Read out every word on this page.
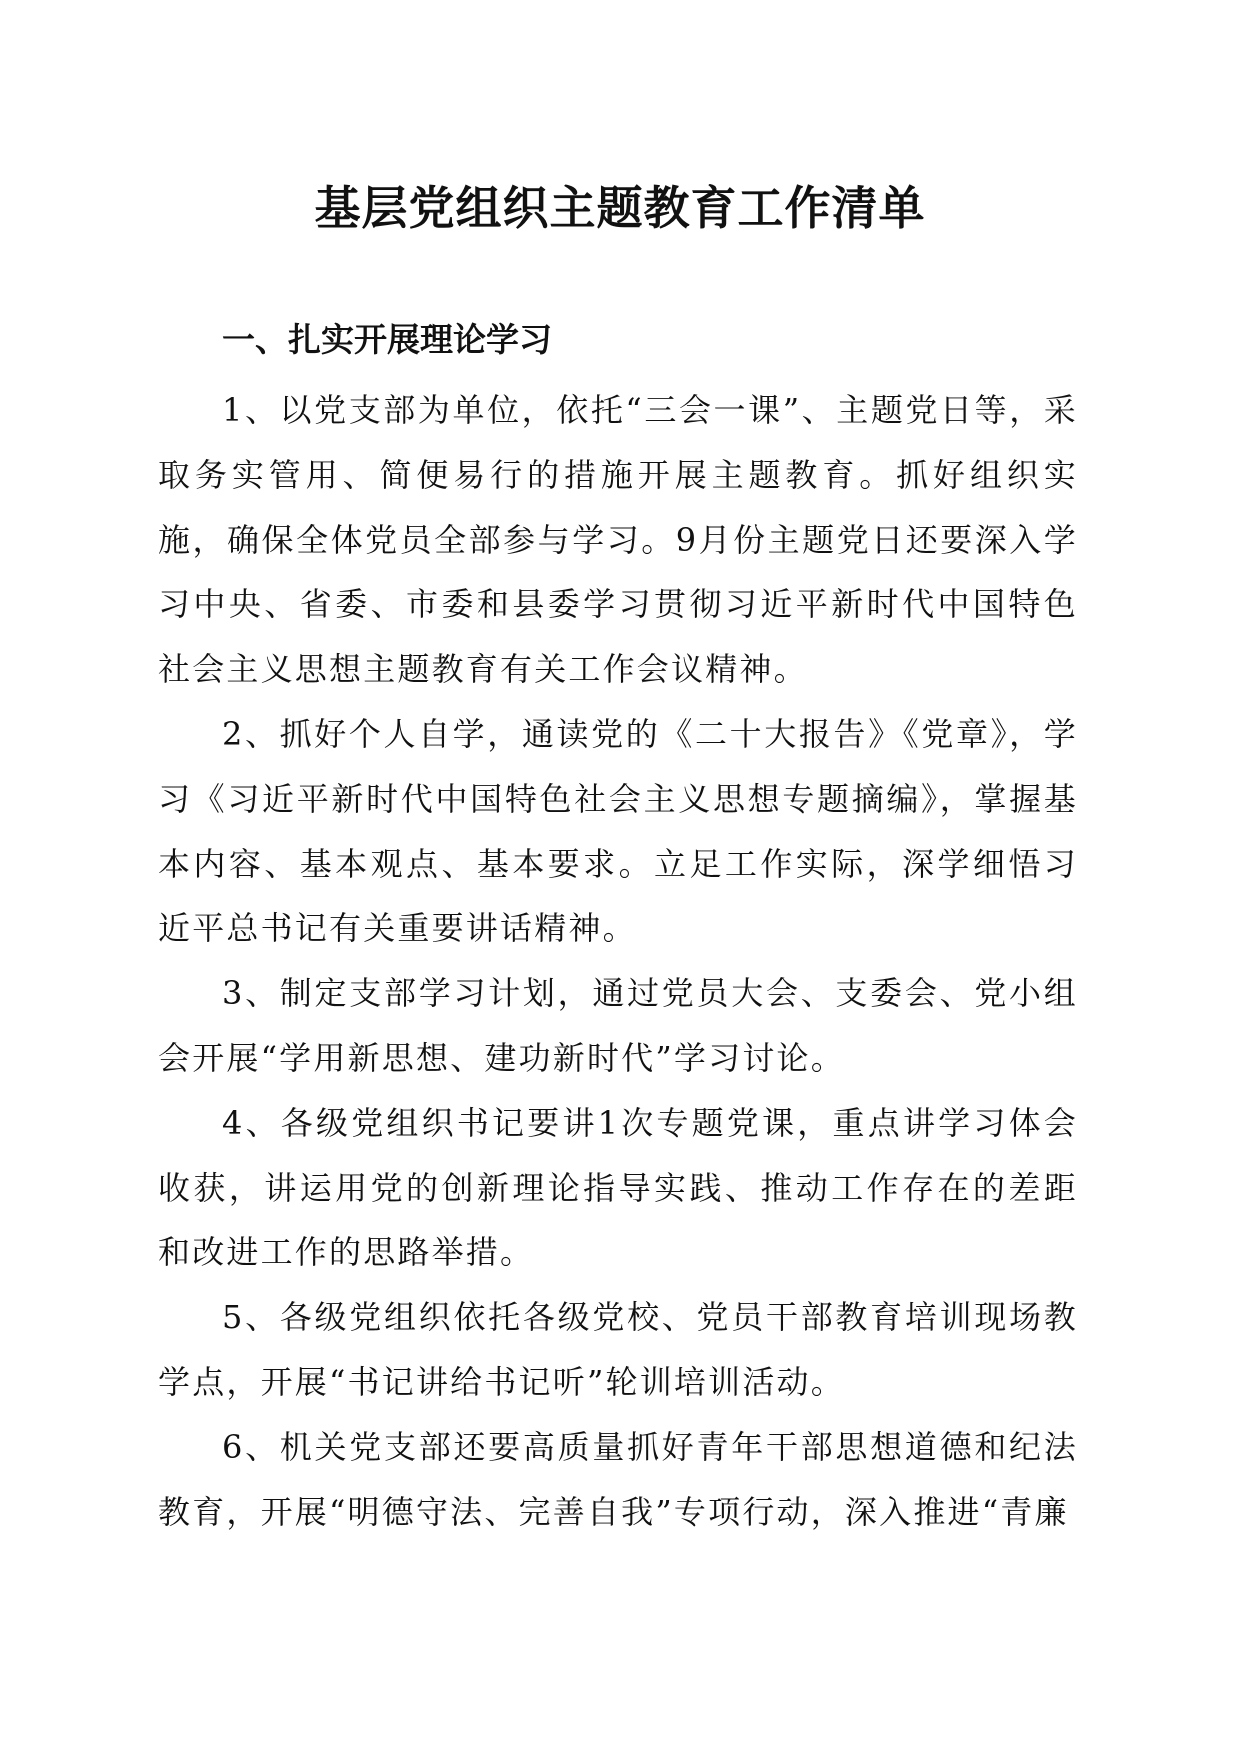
基层党组织主题教育工作清单
一、扎实开展理论学习

1、以党支部为单位，依托“三会一课”、主题党日等，采取务实管用、简便易行的措施开展主题教育。抓好组织实施，确保全体党员全部参与学习。9月份主题党日还要深入学习中央、省委、市委和县委学习贯彻习近平新时代中国特色社会主义思想主题教育有关工作会议精神。

2、抓好个人自学，通读党的《二十大报告》《党章》，学习《习近平新时代中国特色社会主义思想专题摘编》，掌握基本内容、基本观点、基本要求。立足工作实际，深学细悟习近平总书记有关重要讲话精神。

3、制定支部学习计划，通过党员大会、支委会、党小组会开展“学用新思想、建功新时代”学习讨论。

4、各级党组织书记要讲1次专题党课，重点讲学习体会收获，讲运用党的创新理论指导实践、推动工作存在的差距和改进工作的思路举措。

5、各级党组织依托各级党校、党员干部教育培训现场教学点，开展“书记讲给书记听”轮训培训活动。

6、机关党支部还要高质量抓好青年干部思想道德和纪法教育，开展“明德守法、完善自我”专项行动，深入推进“青廉
